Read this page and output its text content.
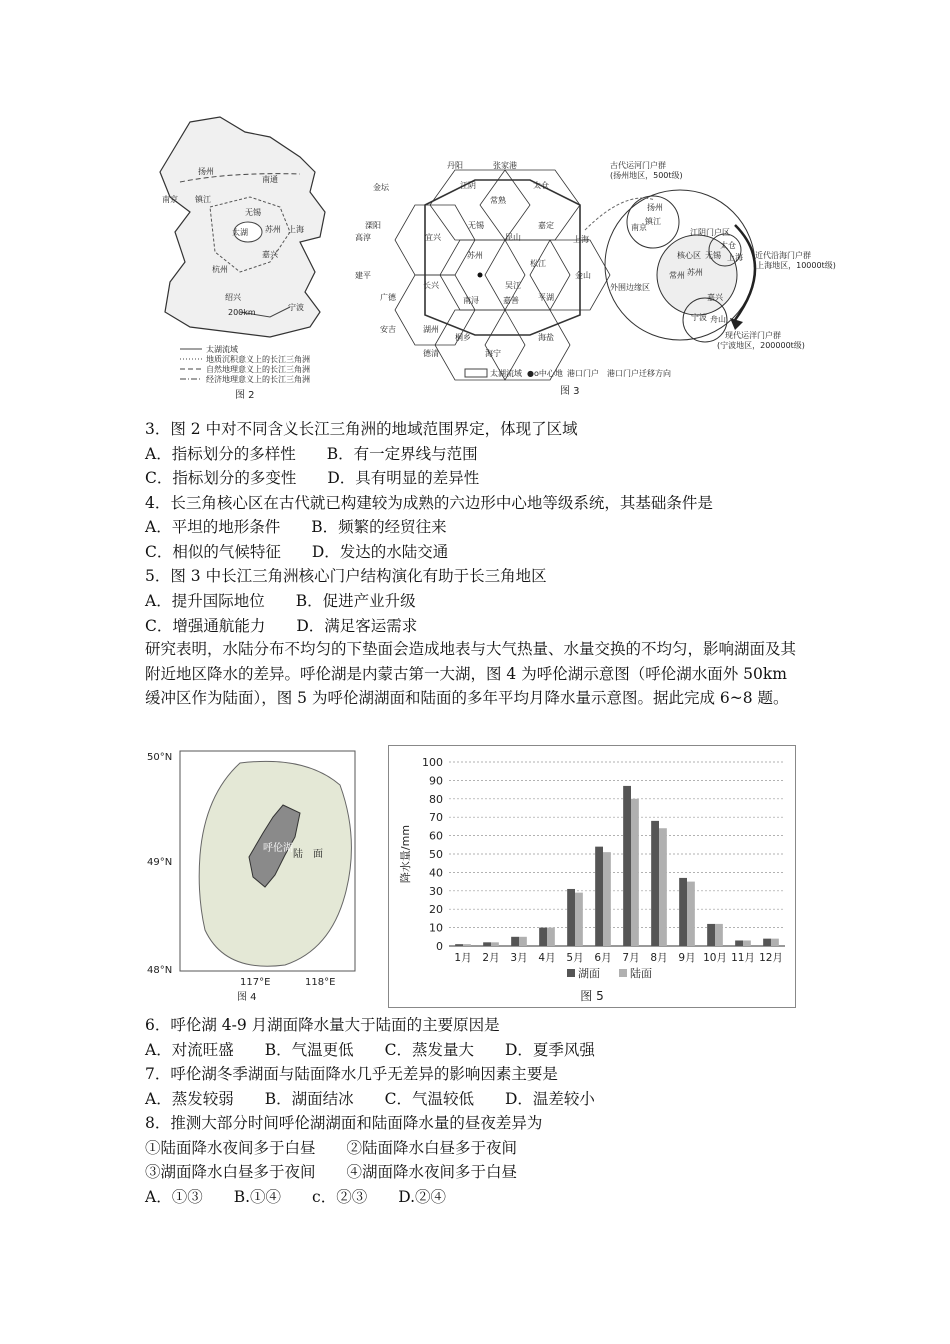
扬州
南京 镇江
南通
无锡
苏州
太湖	上海
嘉兴
杭州
绍兴
宁波
200km
太湖流域
地质沉积意义上的长江三角洲
自然地理意义上的长江三角洲
经济地理意义上的长江三角洲
图 2
丹阳	张家港
金坛	江阴
常熟
太仓
溧阳	无锡	嘉定
宜兴
苏州
昆山	上海
高淳
松江
长兴	吴江
金山
广德	南浔	嘉善 平湖
湖州
桐乡
安吉
海盐
德清	海宁
建平
古代运河门户群
(扬州地区，500t级)
江阴门户区
核心区
外围边缘区
近代沿海门户群
(上海地区，10000t级)
现代运洋门户群
(宁波地区，200000t级)
扬州
镇江
南京
常州
无锡
苏州
太仓
上海
宁波 舟山
嘉兴
太湖流域 ●o中心地 港口门户 港口门户迁移方向
图 3
3．图 2 中对不同含义长江三角洲的地域范围界定，体现了区域
A．指标划分的多样性　　B．有一定界线与范围
C．指标划分的多变性　　D．具有明显的差异性
4．长三角核心区在古代就已构建较为成熟的六边形中心地等级系统，其基础条件是
A．平坦的地形条件　　B．频繁的经贸往来
C．相似的气候特征　　D．发达的水陆交通
5．图 3 中长江三角洲核心门户结构演化有助于长三角地区
A．提升国际地位　　B．促进产业升级
C．增强通航能力　　D．满足客运需求
研究表明，水陆分布不均匀的下垫面会造成地表与大气热量、水量交换的不均匀，影响湖面及其附近地区降水的差异。呼伦湖是内蒙古第一大湖，图 4 为呼伦湖示意图（呼伦湖水面外 50km 缓冲区作为陆面），图 5 为呼伦湖湖面和陆面的多年平均月降水量示意图。据此完成 6~8 题。
50°N
49°N
48°N
117°E	118°E
呼伦湖
陆　面
图 4
0
10
20
30
40
50
60
70
80
90
100
1月 2月 3月 4月 5月 6月 7月 8月 9月 10月 11月 12月
降水量/mm
湖面	陆面
图 5
6．呼伦湖 4-9 月湖面降水量大于陆面的主要原因是
A．对流旺盛　　B．气温更低　　C．蒸发量大　　D．夏季风强
7．呼伦湖冬季湖面与陆面降水几乎无差异的影响因素主要是
A．蒸发较弱　　B．湖面结冰　　C．气温较低　　D．温差较小
8．推测大部分时间呼伦湖湖面和陆面降水量的昼夜差异为
①陆面降水夜间多于白昼　　②陆面降水白昼多于夜间
③湖面降水白昼多于夜间　　④湖面降水夜间多于白昼
A．①③　　B.①④　　c．②③　　D.②④
